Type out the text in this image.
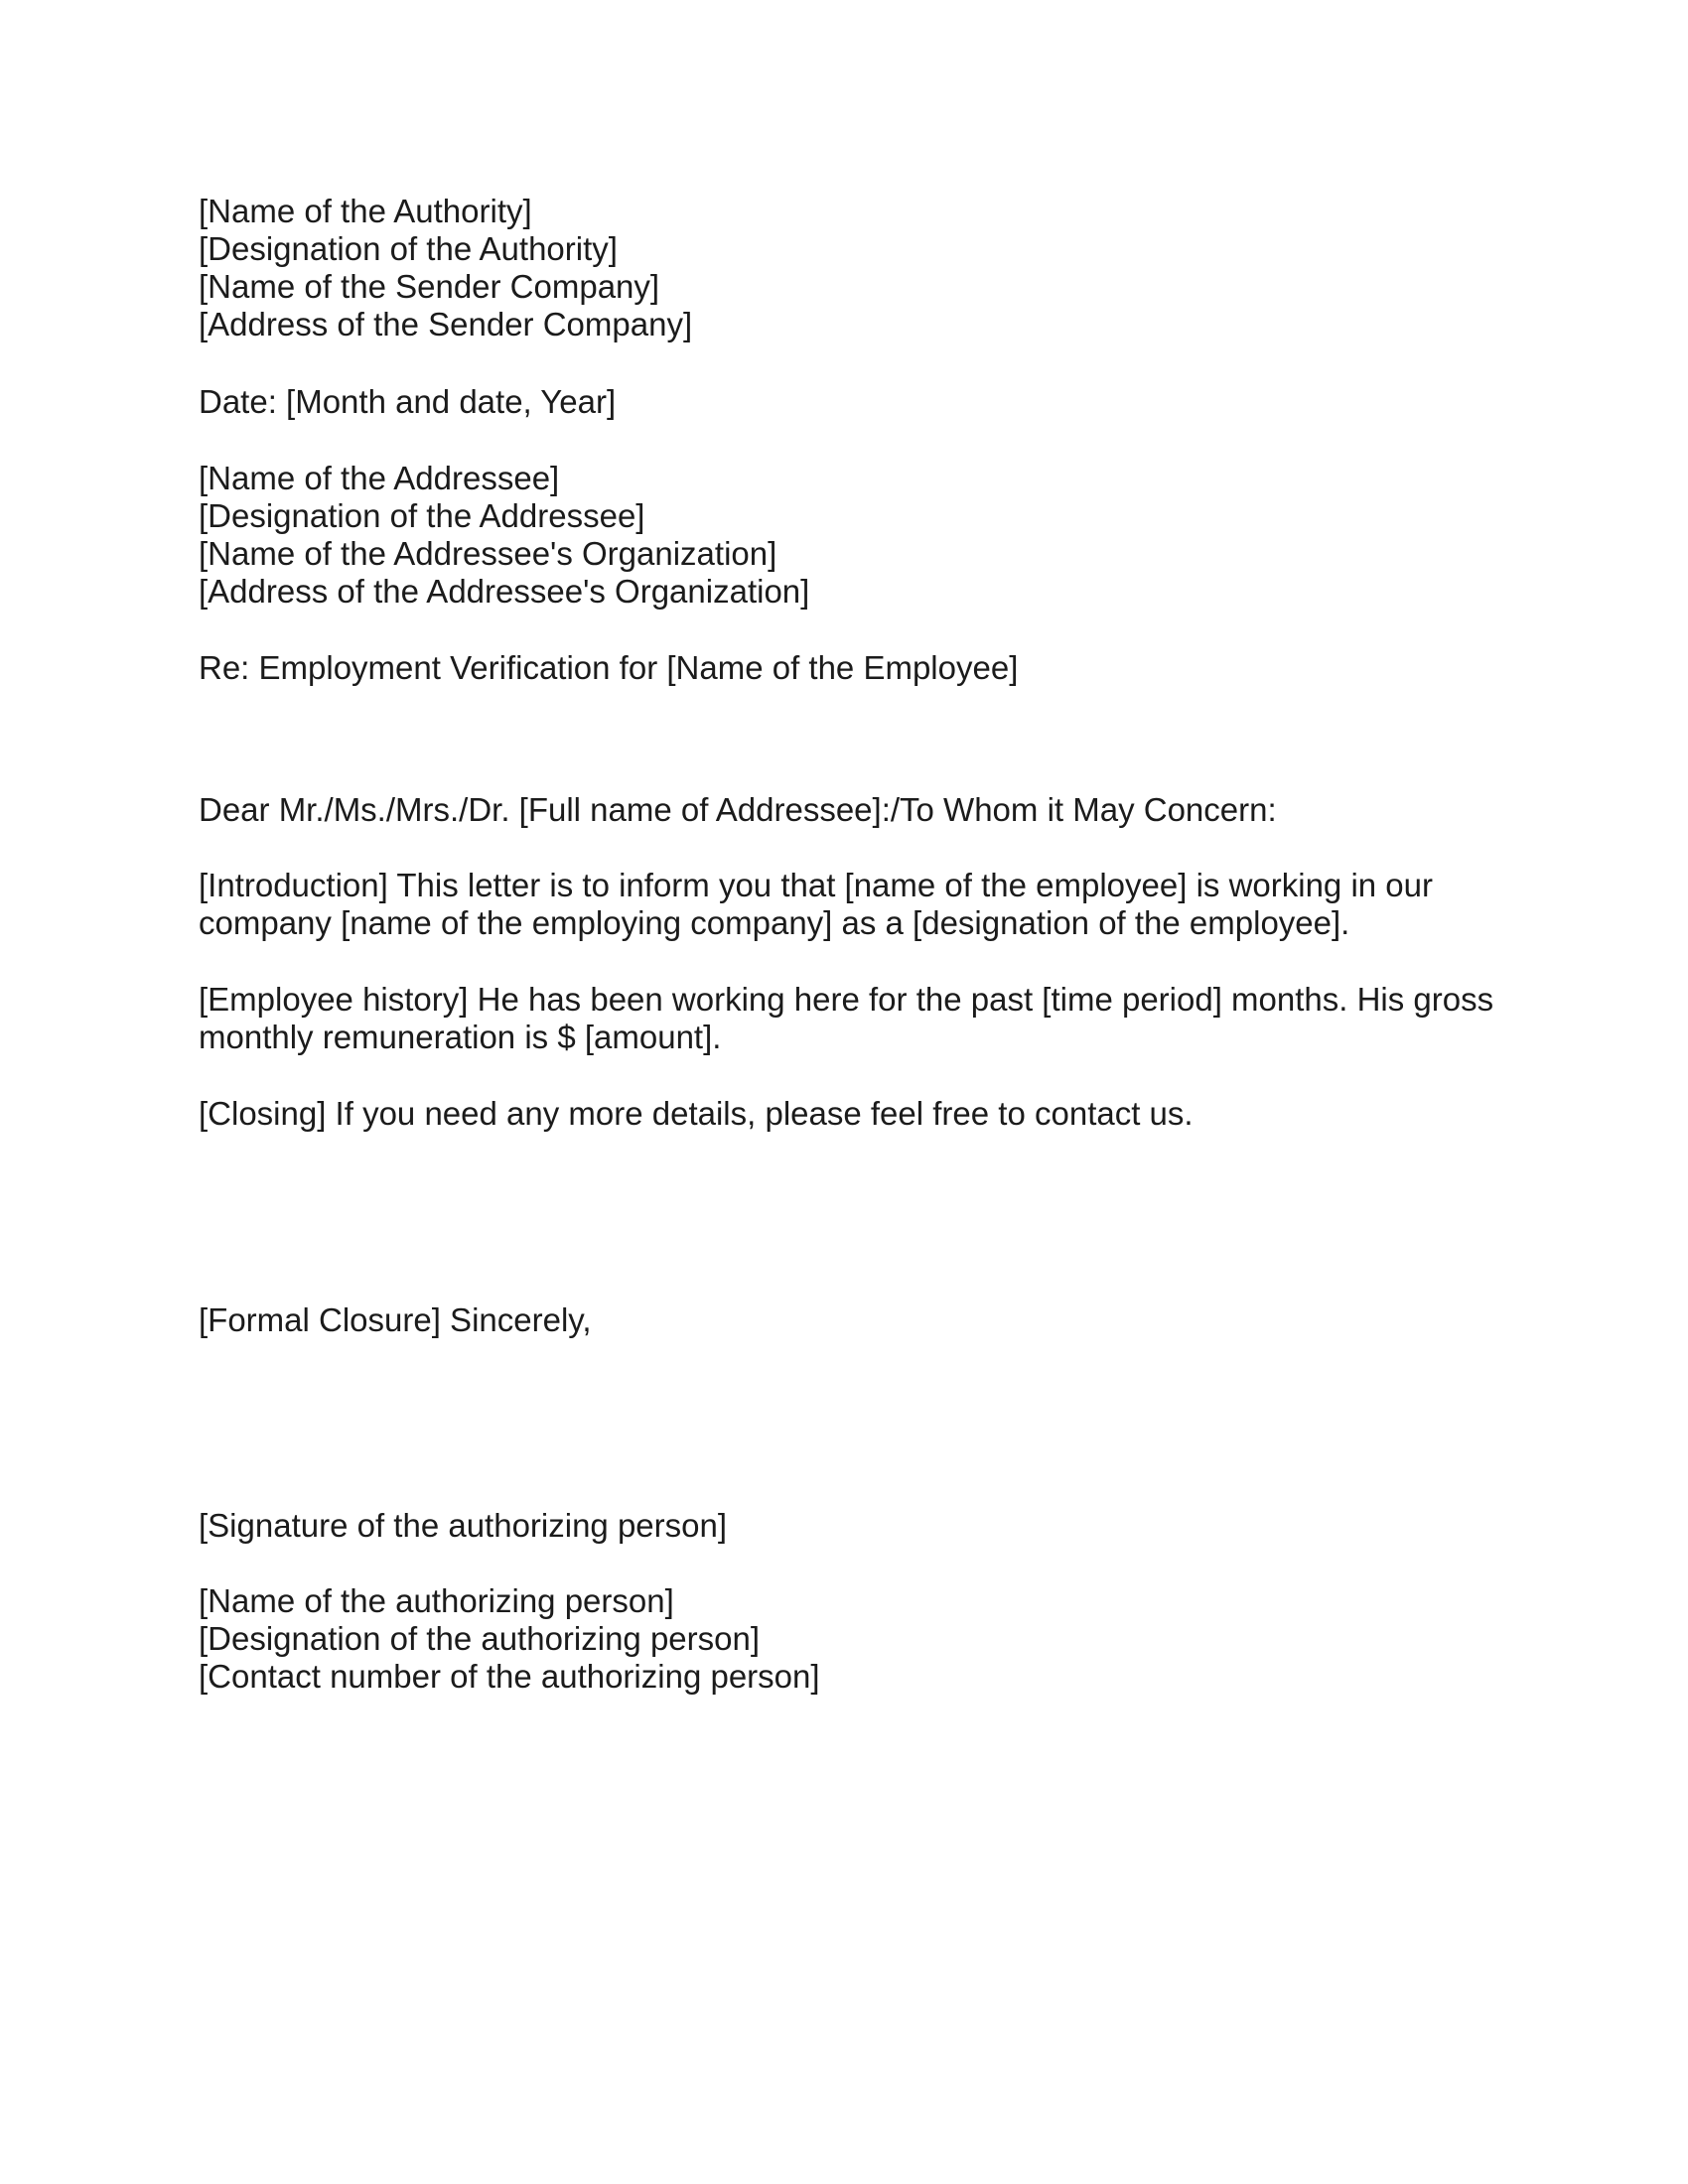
[Name of the Authority]
[Designation of the Authority]
[Name of the Sender Company]
[Address of the Sender Company]
Date: [Month and date, Year]
[Name of the Addressee]
[Designation of the Addressee]
[Name of the Addressee's Organization]
[Address of the Addressee's Organization]
Re: Employment Verification for [Name of the Employee]
Dear Mr./Ms./Mrs./Dr. [Full name of Addressee]:/To Whom it May Concern:
[Introduction] This letter is to inform you that [name of the employee] is working in our company [name of the employing company] as a [designation of the employee].
[Employee history] He has been working here for the past [time period] months. His gross monthly remuneration is $ [amount].
[Closing] If you need any more details, please feel free to contact us.
[Formal Closure] Sincerely,
[Signature of the authorizing person]
[Name of the authorizing person]
[Designation of the authorizing person]
[Contact number of the authorizing person]
